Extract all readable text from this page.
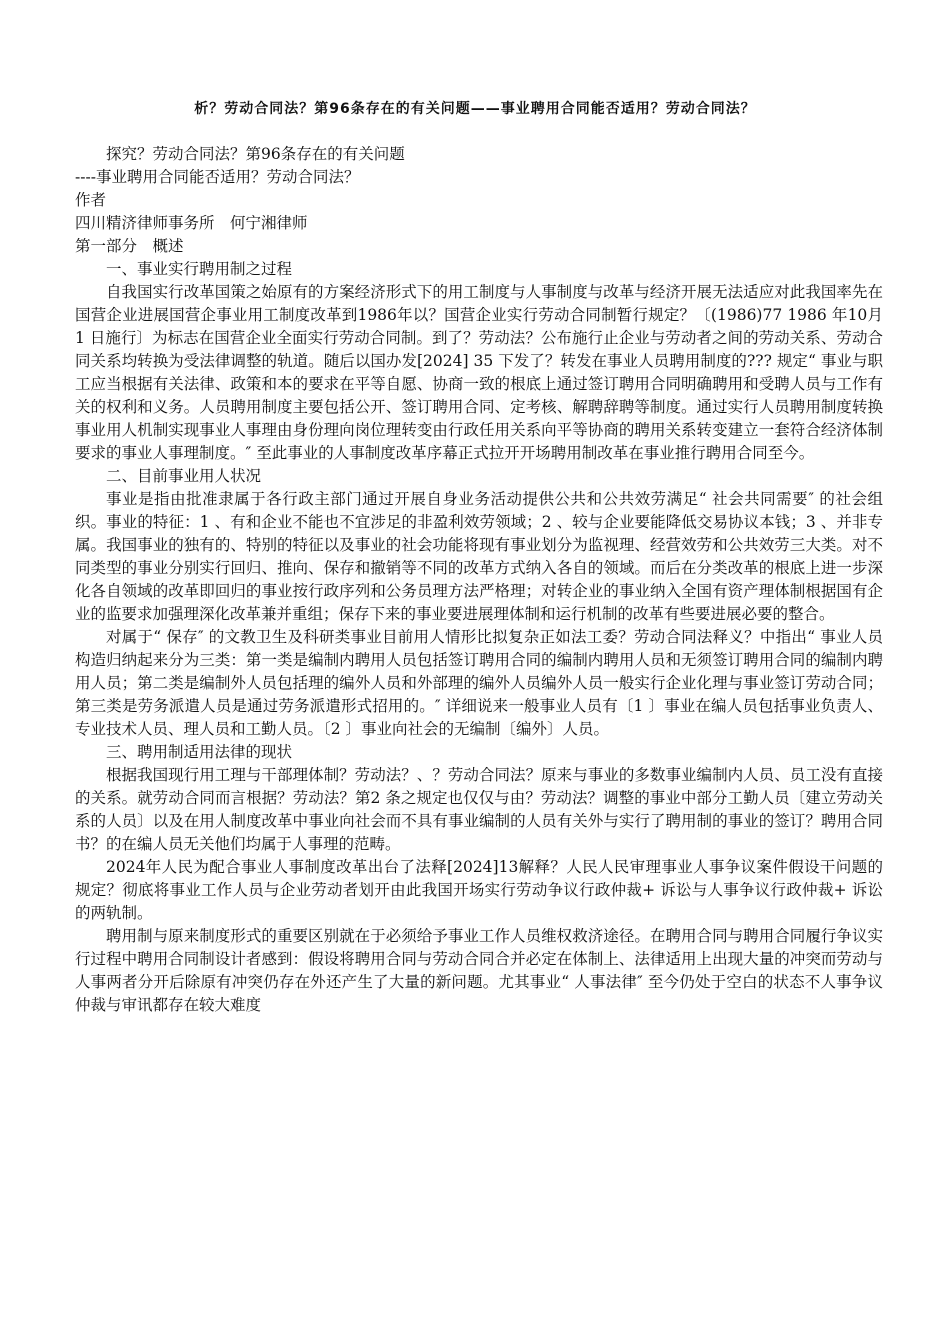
析？劳动合同法？第96条存在的有关问题——事业聘用合同能否适用？劳动合同法？

探究？劳动合同法？第96条存在的有关问题

----事业聘用合同能否适用？劳动合同法？

作者

四川精济律师事务所　何宁湘律师

第一部分　概述

一、事业实行聘用制之过程

自我国实行改革国策之始原有的方案经济形式下的用工制度与人事制度与改革与经济开展无法适应对此我国率先在国营企业进展国营企事业用工制度改革到1986年以？国营企业实行劳动合同制暂行规定？〔(1986)77 1986 年10月1 日施行〕为标志在国营企业全面实行劳动合同制。到了？劳动法？公布施行止企业与劳动者之间的劳动关系、劳动合同关系均转换为受法律调整的轨道。随后以国办发[2024] 35 下发了？转发在事业人员聘用制度的??? 规定“ 事业与职工应当根据有关法律、政策和本的要求在平等自愿、协商一致的根底上通过签订聘用合同明确聘用和受聘人员与工作有关的权利和义务。人员聘用制度主要包括公开、签订聘用合同、定考核、解聘辞聘等制度。通过实行人员聘用制度转换事业用人机制实现事业人事理由身份理向岗位理转变由行政任用关系向平等协商的聘用关系转变建立一套符合经济体制要求的事业人事理制度。″ 至此事业的人事制度改革序幕正式拉开开场聘用制改革在事业推行聘用合同至今。

二、目前事业用人状况

事业是指由批准隶属于各行政主部门通过开展自身业务活动提供公共和公共效劳满足“ 社会共同需要″ 的社会组织。事业的特征：1 、有和企业不能也不宜涉足的非盈利效劳领域；2 、较与企业要能降低交易协议本钱；3 、并非专属。我国事业的独有的、特别的特征以及事业的社会功能将现有事业划分为监视理、经营效劳和公共效劳三大类。对不同类型的事业分别实行回归、推向、保存和撤销等不同的改革方式纳入各自的领域。而后在分类改革的根底上进一步深化各自领域的改革即回归的事业按行政序列和公务员理方法严格理；对转企业的事业纳入全国有资产理体制根据国有企业的监要求加强理深化改革兼并重组；保存下来的事业要进展理体制和运行机制的改革有些要进展必要的整合。

对属于“ 保存″ 的文教卫生及科研类事业目前用人情形比拟复杂正如法工委？劳动合同法释义？中指出“ 事业人员构造归纳起来分为三类：第一类是编制内聘用人员包括签订聘用合同的编制内聘用人员和无须签订聘用合同的编制内聘用人员；第二类是编制外人员包括理的编外人员和外部理的编外人员编外人员一般实行企业化理与事业签订劳动合同；第三类是劳务派遣人员是通过劳务派遣形式招用的。″ 详细说来一般事业人员有〔1 〕事业在编人员包括事业负责人、专业技术人员、理人员和工勤人员。〔2 〕事业向社会的无编制〔编外〕人员。

三、聘用制适用法律的现状

根据我国现行用工理与干部理体制？劳动法？、？劳动合同法？原来与事业的多数事业编制内人员、员工没有直接的关系。就劳动合同而言根据？劳动法？第2 条之规定也仅仅与由？劳动法？调整的事业中部分工勤人员〔建立劳动关系的人员〕以及在用人制度改革中事业向社会而不具有事业编制的人员有关外与实行了聘用制的事业的签订？聘用合同书？的在编人员无关他们均属于人事理的范畴。

2024年人民为配合事业人事制度改革出台了法释[2024]13解释？人民人民审理事业人事争议案件假设干问题的规定？彻底将事业工作人员与企业劳动者划开由此我国开场实行劳动争议行政仲裁+ 诉讼与人事争议行政仲裁+ 诉讼的两轨制。

聘用制与原来制度形式的重要区别就在于必须给予事业工作人员维权救济途径。在聘用合同与聘用合同履行争议实行过程中聘用合同制设计者感到：假设将聘用合同与劳动合同合并必定在体制上、法律适用上出现大量的冲突而劳动与人事两者分开后除原有冲突仍存在外还产生了大量的新问题。尤其事业“ 人事法律″ 至今仍处于空白的状态不人事争议仲裁与审讯都存在较大难度
